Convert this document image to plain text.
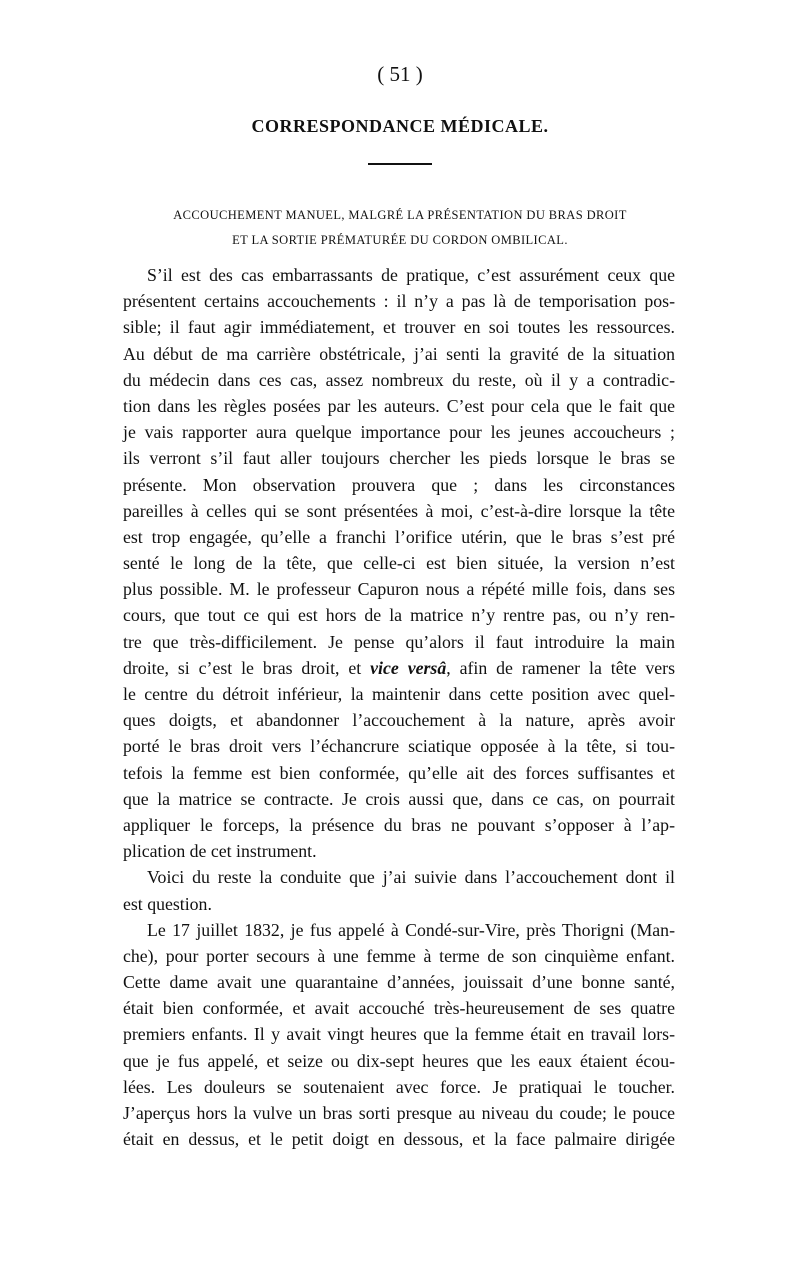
( 51 )
CORRESPONDANCE MÉDICALE.
ACCOUCHEMENT MANUEL, MALGRÉ LA PRÉSENTATION DU BRAS DROIT
ET LA SORTIE PRÉMATURÉE DU CORDON OMBILICAL.
S’il est des cas embarrassants de pratique, c’est assurément ceux que
présentent certains accouchements : il n’y a pas là de temporisation pos-
sible; il faut agir immédiatement, et trouver en soi toutes les ressources.
Au début de ma carrière obstétricale, j’ai senti la gravité de la situation
du médecin dans ces cas, assez nombreux du reste, où il y a contradic-
tion dans les règles posées par les auteurs. C’est pour cela que le fait que
je vais rapporter aura quelque importance pour les jeunes accoucheurs ;
ils verront s’il faut aller toujours chercher les pieds lorsque le bras se
présente. Mon observation prouvera que ; dans les circonstances
pareilles à celles qui se sont présentées à moi, c’est-à-dire lorsque la tête
est trop engagée, qu’elle a franchi l’orifice utérin, que le bras s’est pré
senté le long de la tête, que celle-ci est bien située, la version n’est
plus possible. M. le professeur Capuron nous a répété mille fois, dans ses
cours, que tout ce qui est hors de la matrice n’y rentre pas, ou n’y ren-
tre que très-difficilement. Je pense qu’alors il faut introduire la main
droite, si c’est le bras droit, et vice versâ, afin de ramener la tête vers
le centre du détroit inférieur, la maintenir dans cette position avec quel-
ques doigts, et abandonner l’accouchement à la nature, après avoir
porté le bras droit vers l’échancrure sciatique opposée à la tête, si tou-
tefois la femme est bien conformée, qu’elle ait des forces suffisantes et
que la matrice se contracte. Je crois aussi que, dans ce cas, on pourrait
appliquer le forceps, la présence du bras ne pouvant s’opposer à l’ap-
plication de cet instrument.
Voici du reste la conduite que j’ai suivie dans l’accouchement dont il
est question.
Le 17 juillet 1832, je fus appelé à Condé-sur-Vire, près Thorigni (Man-
che), pour porter secours à une femme à terme de son cinquième enfant.
Cette dame avait une quarantaine d’années, jouissait d’une bonne santé,
était bien conformée, et avait accouché très-heureusement de ses quatre
premiers enfants. Il y avait vingt heures que la femme était en travail lors-
que je fus appelé, et seize ou dix-sept heures que les eaux étaient écou-
lées. Les douleurs se soutenaient avec force. Je pratiquai le toucher.
J’aperçus hors la vulve un bras sorti presque au niveau du coude; le pouce
était en dessus, et le petit doigt en dessous, et la face palmaire dirigée
